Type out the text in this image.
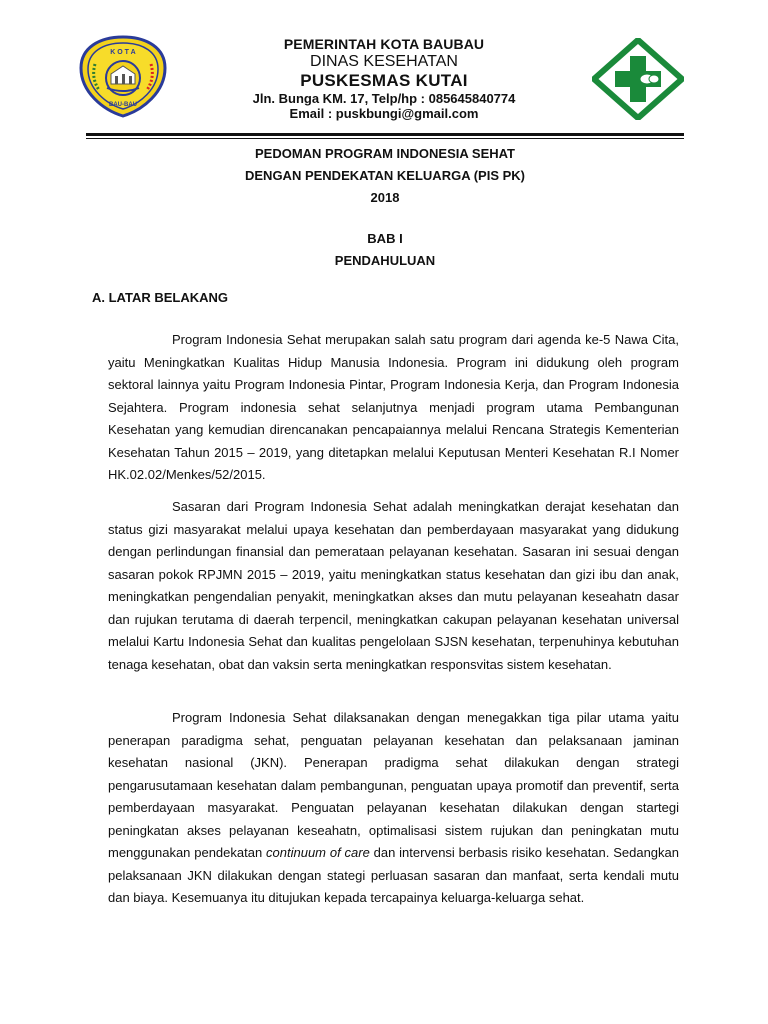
K O T A
BAU-BAU
PEMERINTAH KOTA BAUBAU
DINAS KESEHATAN
PUSKESMAS KUTAI
Jln. Bunga KM. 17, Telp/hp : 085645840774
Email : puskbungi@gmail.com
PEDOMAN PROGRAM INDONESIA SEHAT
DENGAN PENDEKATAN KELUARGA (PIS PK)
2018
BAB I
PENDAHULUAN
A. LATAR BELAKANG

Program Indonesia Sehat merupakan salah satu program dari agenda ke-5 Nawa Cita, yaitu Meningkatkan Kualitas Hidup Manusia Indonesia. Program ini didukung oleh program sektoral lainnya yaitu Program Indonesia Pintar, Program Indonesia Kerja, dan Program Indonesia Sejahtera. Program indonesia sehat selanjutnya menjadi program utama Pembangunan Kesehatan yang kemudian direncanakan pencapaiannya melalui Rencana Strategis Kementerian Kesehatan Tahun 2015 – 2019, yang ditetapkan melalui Keputusan Menteri Kesehatan R.I Nomer HK.02.02/Menkes/52/2015.

Sasaran dari Program Indonesia Sehat adalah meningkatkan derajat kesehatan dan status gizi masyarakat melalui upaya kesehatan dan pemberdayaan masyarakat yang didukung dengan perlindungan finansial dan pemerataan pelayanan kesehatan. Sasaran ini sesuai dengan sasaran pokok RPJMN 2015 – 2019, yaitu meningkatkan status kesehatan dan gizi ibu dan anak, meningkatkan pengendalian penyakit, meningkatkan akses dan mutu pelayanan keseahatn dasar dan rujukan terutama di daerah terpencil, meningkatkan cakupan pelayanan kesehatan universal melalui Kartu Indonesia Sehat dan kualitas pengelolaan SJSN kesehatan, terpenuhinya kebutuhan tenaga kesehatan, obat dan vaksin serta meningkatkan responsvitas sistem kesehatan.

Program Indonesia Sehat dilaksanakan dengan menegakkan tiga pilar utama yaitu penerapan paradigma sehat, penguatan pelayanan kesehatan dan pelaksanaan jaminan kesehatan nasional (JKN). Penerapan pradigma sehat dilakukan dengan strategi pengarusutamaan kesehatan dalam pembangunan, penguatan upaya promotif dan preventif, serta pemberdayaan masyarakat. Penguatan pelayanan kesehatan dilakukan dengan startegi peningkatan akses pelayanan keseahatn, optimalisasi sistem rujukan dan peningkatan mutu menggunakan pendekatan continuum of care dan intervensi berbasis risiko kesehatan. Sedangkan pelaksanaan JKN dilakukan dengan stategi perluasan sasaran dan manfaat, serta kendali mutu dan biaya. Kesemuanya itu ditujukan kepada tercapainya keluarga-keluarga sehat.
